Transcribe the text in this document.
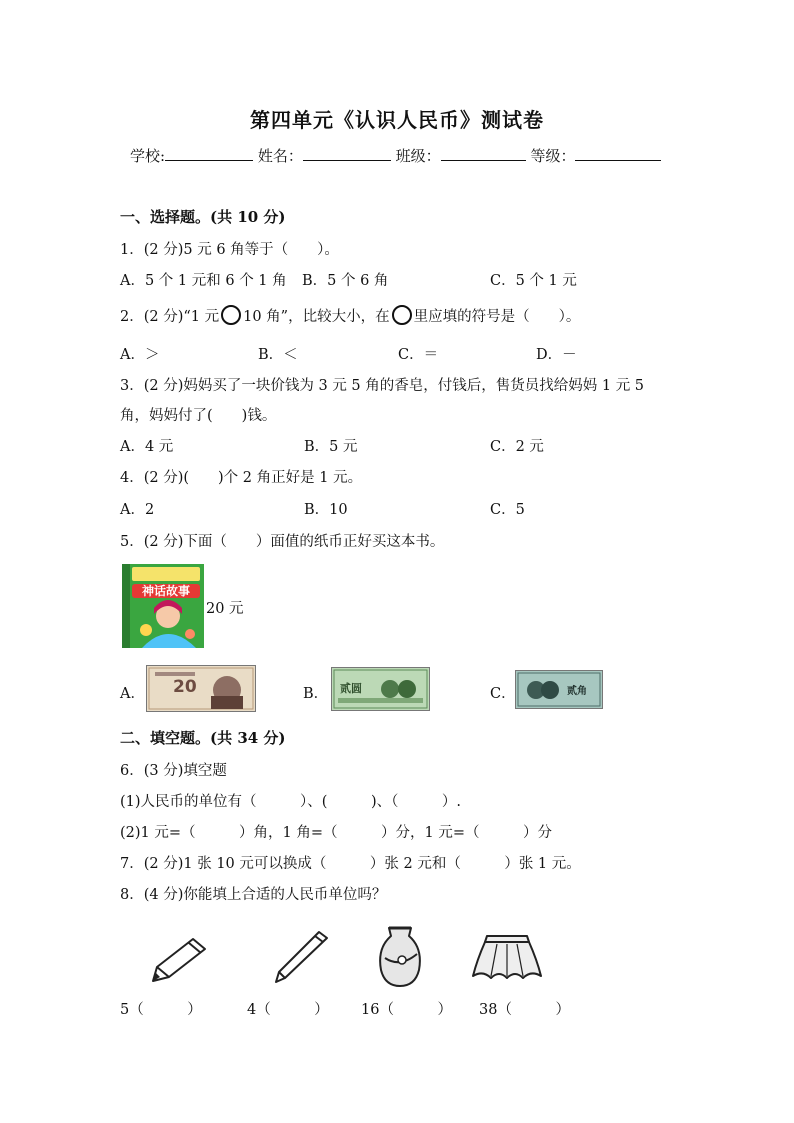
第四单元《认识人民币》测试卷
学校:	姓名：	班级：	等级：
一、选择题。(共 10 分)
1．(2 分)5 元 6 角等于（　　）。
A．5 个 1 元和 6 个 1 角 B．5 个 6 角	C．5 个 1 元
2．(2 分)“1 元 10 角”，比较大小，在 里应填的符号是（　　）。
A．＞	B．＜	C．＝	D．－
3．(2 分)妈妈买了一块价钱为 3 元 5 角的香皂，付钱后，售货员找给妈妈 1 元 5
角，妈妈付了(　　)钱。
A．4 元	B．5 元	C．2 元
4．(2 分)(　　)个 2 角正好是 1 元。
A．2	B．10	C．5
5．(2 分)下面（　　）面值的纸币正好买这本书。
神话故事
20 元
A． 20	B． 贰圆	C．	贰角
二、填空题。(共 34 分)
6．(3 分)填空题
(1)人民币的单位有（　　　）、(　　　)、（　　　）.
(2)1 元=（　　　）角，1 角=（　　　）分，1 元=（　　　）分
7．(2 分)1 张 10 元可以换成（　　　）张 2 元和（　　　）张 1 元。
8．(4 分)你能填上合适的人民币单位吗？
5（　　　）	4（　　　） 16（　　　） 38（　　　）
